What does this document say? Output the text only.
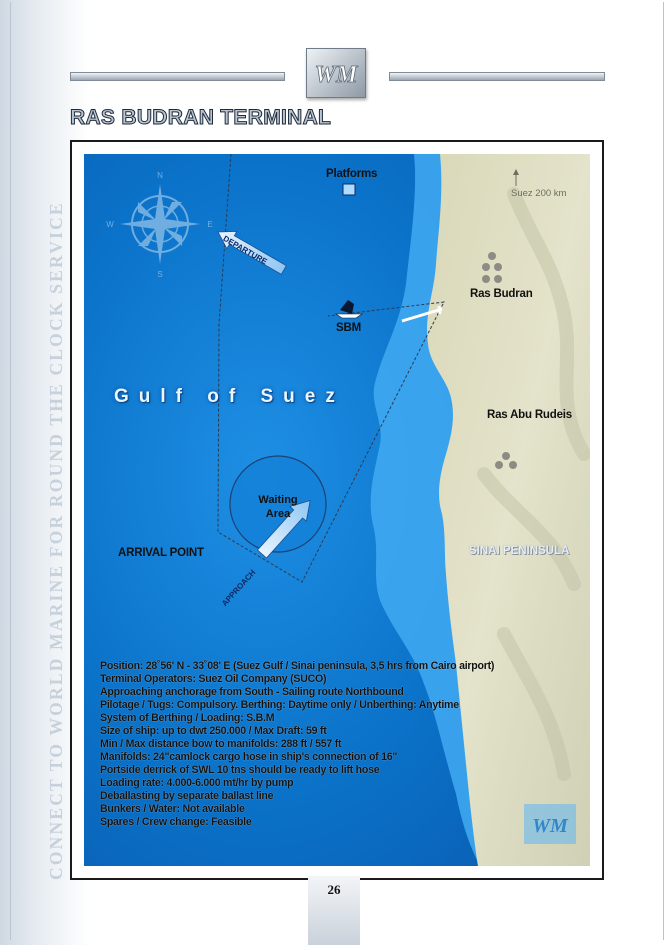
CONNECT TO WORLD MARINE FOR ROUND THE CLOCK SERVICE
WM
RAS BUDRAN TERMINAL
N
S
E
W
WM
Gulf of Suez
Platforms
Suez 200 km
Ras Budran
SBM
Ras Abu Rudeis
SINAI PENINSULA
Waiting
Area
ARRIVAL POINT
DEPARTURE
APPROACH
Position: 28˚56' N - 33˚08' E (Suez Gulf / Sinai peninsula, 3,5 hrs from Cairo airport)
Terminal Operators: Suez Oil Company (SUCO)
Approaching anchorage from South - Sailing route Northbound
Pilotage / Tugs: Compulsory. Berthing: Daytime only / Unberthing: Anytime
System of Berthing / Loading: S.B.M
Size of ship: up to dwt 250.000 / Max Draft: 59 ft
Min / Max distance bow to manifolds: 288 ft / 557 ft
Manifolds: 24"camlock cargo hose in ship's connection of 16"
Portside derrick of SWL 10 tns should be ready to lift hose
Loading rate: 4.000-6.000 mt/hr by pump
Deballasting by separate ballast line
Bunkers / Water: Not available
Spares / Crew change: Feasible
26
